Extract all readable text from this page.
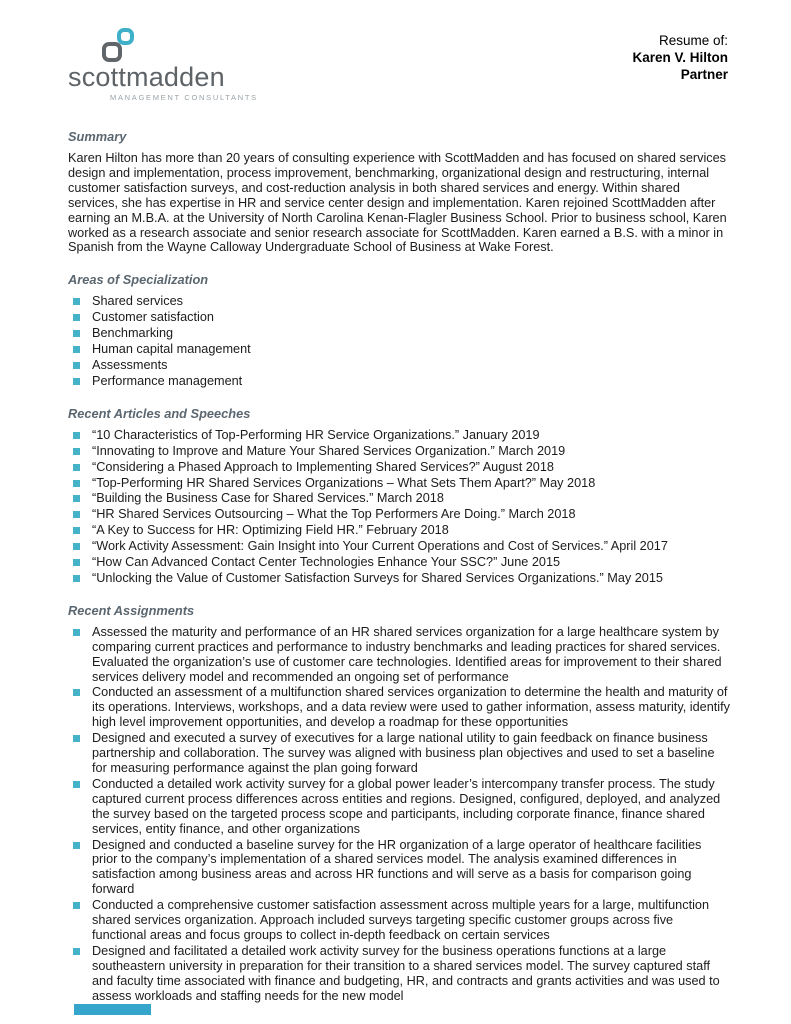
scottmadden
MANAGEMENT CONSULTANTS
Resume of:
Karen V. Hilton
Partner
Summary

Karen Hilton has more than 20 years of consulting experience with ScottMadden and has focused on shared services design and implementation, process improvement, benchmarking, organizational design and restructuring, internal customer satisfaction surveys, and cost-reduction analysis in both shared services and energy. Within shared services, she has expertise in HR and service center design and implementation. Karen rejoined ScottMadden after earning an M.B.A. at the University of North Carolina Kenan-Flagler Business School. Prior to business school, Karen worked as a research associate and senior research associate for ScottMadden. Karen earned a B.S. with a minor in Spanish from the Wayne Calloway Undergraduate School of Business at Wake Forest.

Areas of Specialization
Shared services
Customer satisfaction
Benchmarking
Human capital management
Assessments
Performance management
Recent Articles and Speeches
“10 Characteristics of Top-Performing HR Service Organizations.” January 2019
“Innovating to Improve and Mature Your Shared Services Organization.” March 2019
“Considering a Phased Approach to Implementing Shared Services?” August 2018
“Top-Performing HR Shared Services Organizations – What Sets Them Apart?” May 2018
“Building the Business Case for Shared Services.” March 2018
“HR Shared Services Outsourcing – What the Top Performers Are Doing.” March 2018
“A Key to Success for HR: Optimizing Field HR.” February 2018
“Work Activity Assessment: Gain Insight into Your Current Operations and Cost of Services.” April 2017
“How Can Advanced Contact Center Technologies Enhance Your SSC?” June 2015
“Unlocking the Value of Customer Satisfaction Surveys for Shared Services Organizations.” May 2015
Recent Assignments
Assessed the maturity and performance of an HR shared services organization for a large healthcare system by comparing current practices and performance to industry benchmarks and leading practices for shared services. Evaluated the organization’s use of customer care technologies. Identified areas for improvement to their shared services delivery model and recommended an ongoing set of performance
Conducted an assessment of a multifunction shared services organization to determine the health and maturity of its operations. Interviews, workshops, and a data review were used to gather information, assess maturity, identify high level improvement opportunities, and develop a roadmap for these opportunities
Designed and executed a survey of executives for a large national utility to gain feedback on finance business partnership and collaboration. The survey was aligned with business plan objectives and used to set a baseline for measuring performance against the plan going forward
Conducted a detailed work activity survey for a global power leader’s intercompany transfer process. The study captured current process differences across entities and regions. Designed, configured, deployed, and analyzed the survey based on the targeted process scope and participants, including corporate finance, finance shared services, entity finance, and other organizations
Designed and conducted a baseline survey for the HR organization of a large operator of healthcare facilities prior to the company’s implementation of a shared services model. The analysis examined differences in satisfaction among business areas and across HR functions and will serve as a basis for comparison going forward
Conducted a comprehensive customer satisfaction assessment across multiple years for a large, multifunction shared services organization. Approach included surveys targeting specific customer groups across five functional areas and focus groups to collect in-depth feedback on certain services
Designed and facilitated a detailed work activity survey for the business operations functions at a large southeastern university in preparation for their transition to a shared services model. The survey captured staff and faculty time associated with finance and budgeting, HR, and contracts and grants activities and was used to assess workloads and staffing needs for the new model
